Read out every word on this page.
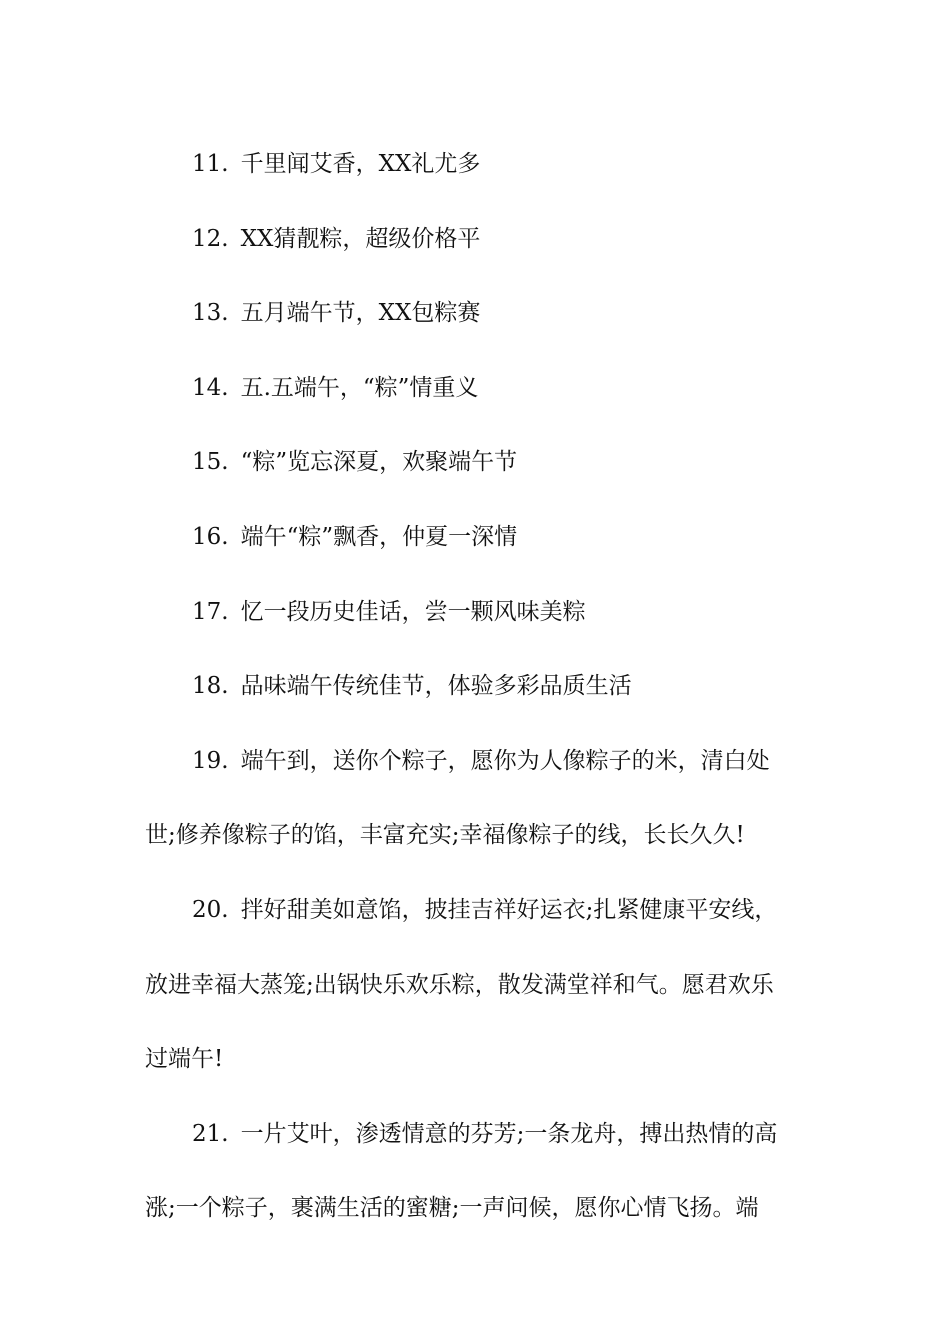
11. 千里闻艾香，XX礼尤多

12. XX猜靓粽，超级价格平

13. 五月端午节，XX包粽赛

14. 五.五端午，“粽”情重义

15. “粽”览忘深夏，欢聚端午节

16. 端午“粽”飘香，仲夏一深情

17. 忆一段历史佳话，尝一颗风味美粽

18. 品味端午传统佳节，体验多彩品质生活

19. 端午到，送你个粽子，愿你为人像粽子的米，清白处

世;修养像粽子的馅，丰富充实;幸福像粽子的线，长长久久!

20. 拌好甜美如意馅，披挂吉祥好运衣;扎紧健康平安线，

放进幸福大蒸笼;出锅快乐欢乐粽，散发满堂祥和气。愿君欢乐

过端午!

21. 一片艾叶，渗透情意的芬芳;一条龙舟，搏出热情的高

涨;一个粽子，裹满生活的蜜糖;一声问候，愿你心情飞扬。端
